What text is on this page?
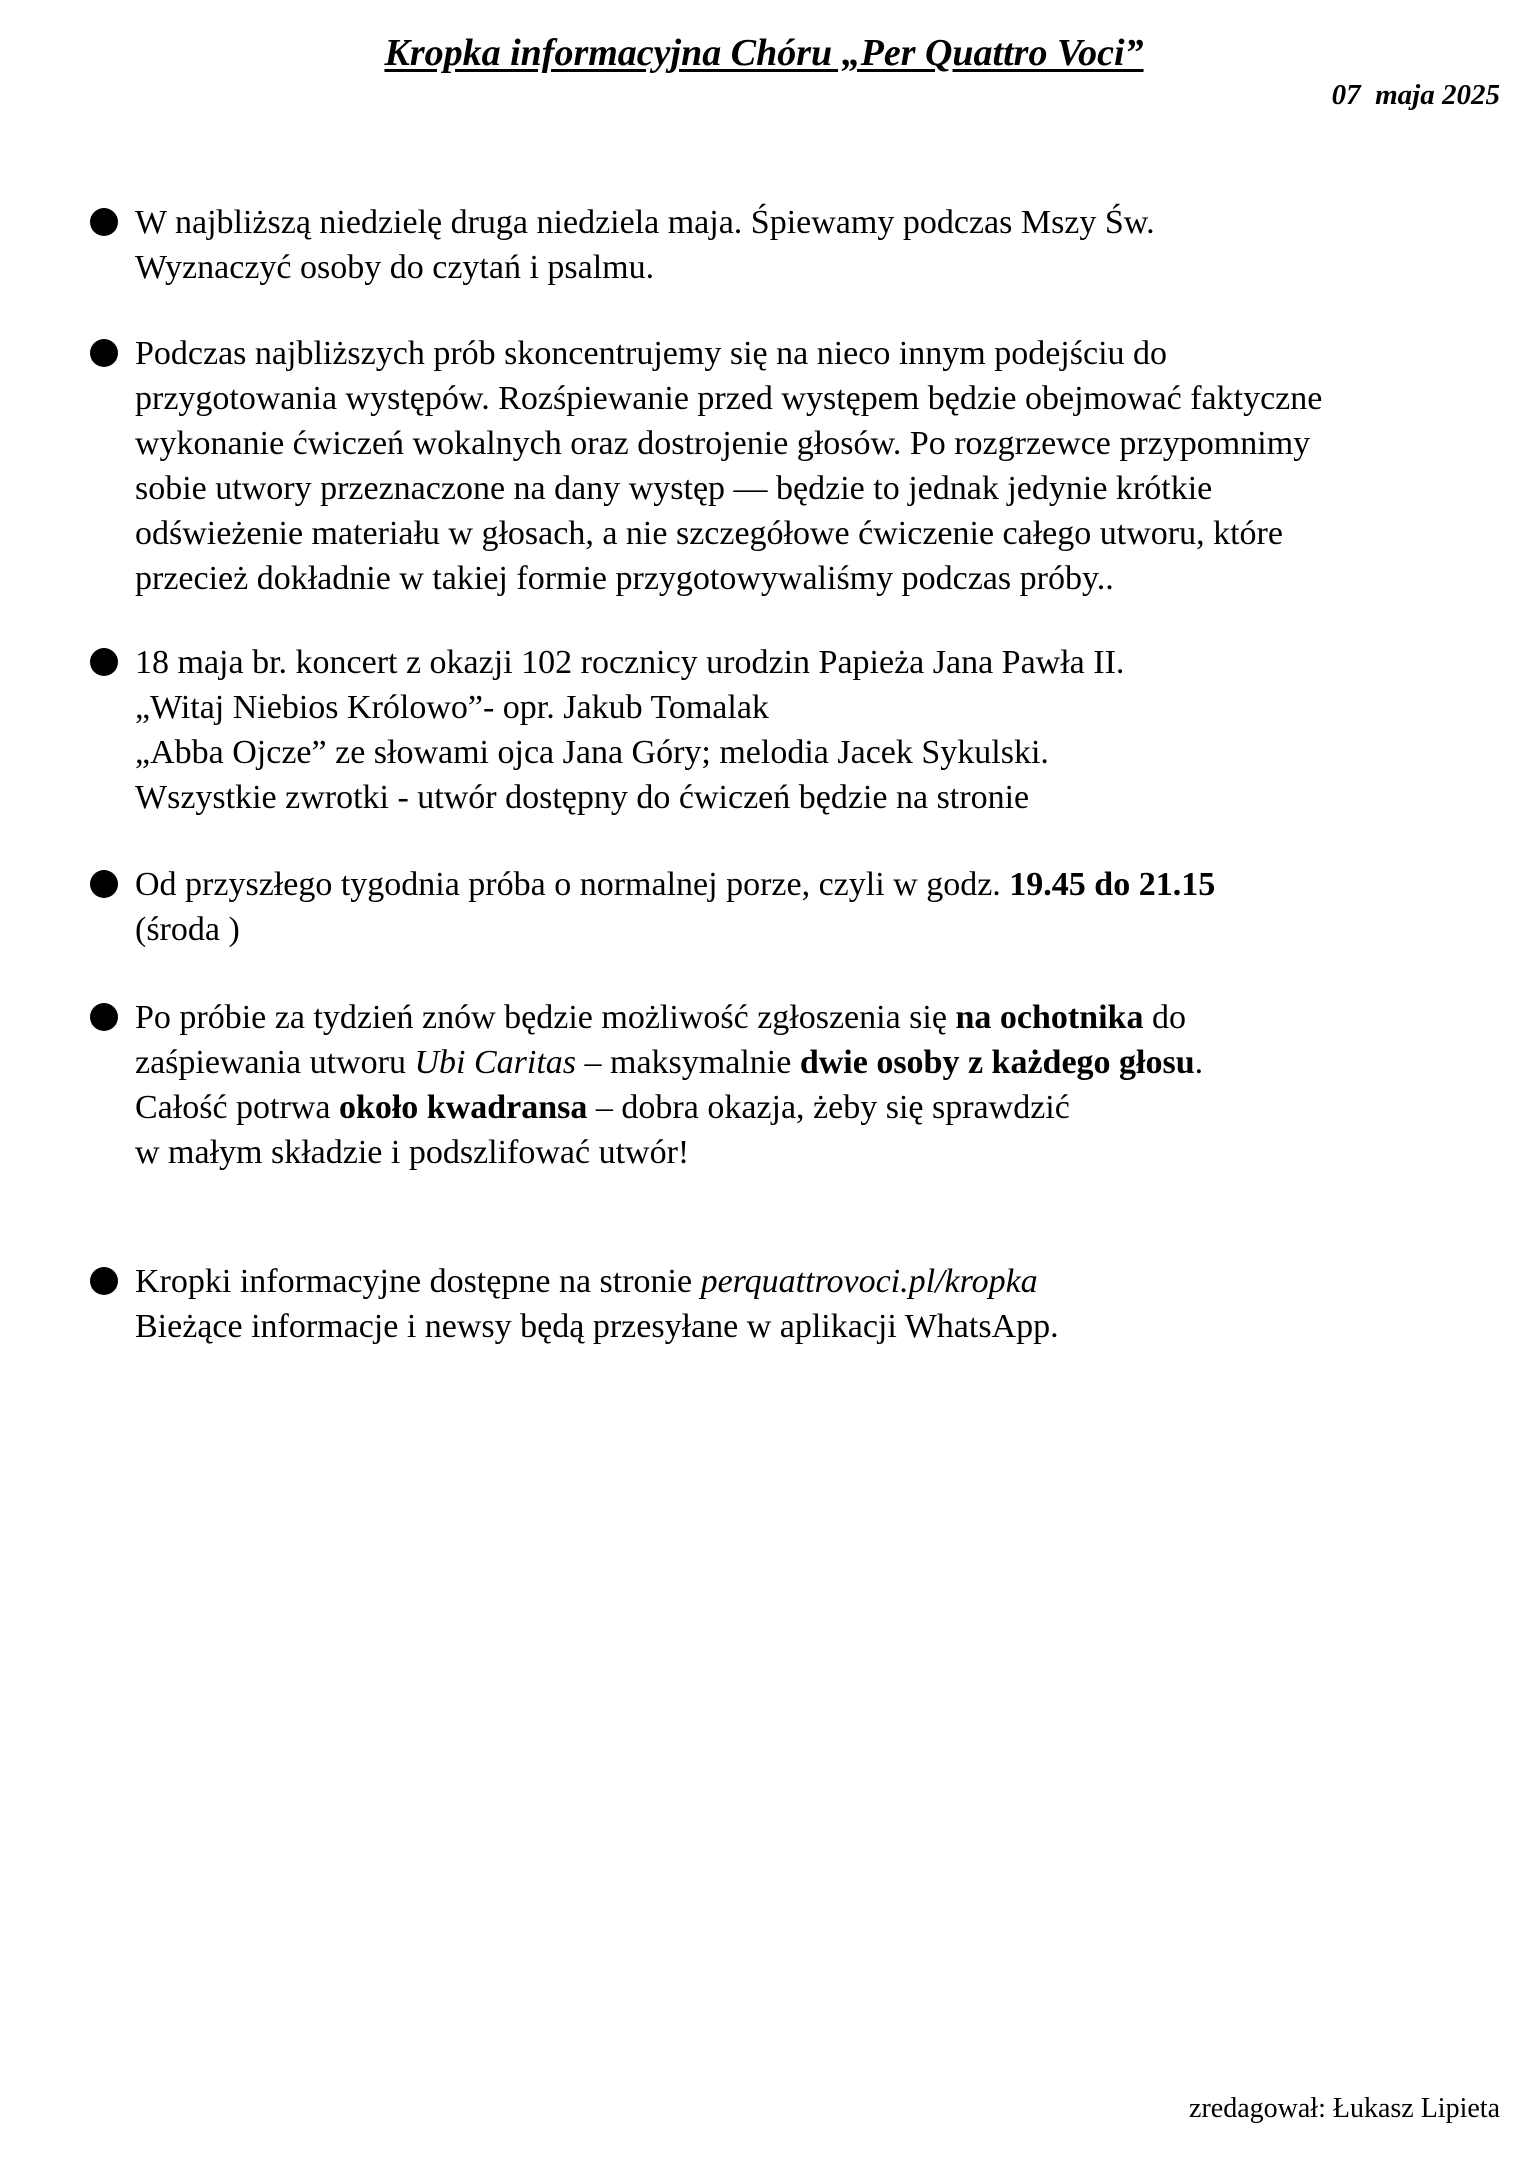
Kropka informacyjna Chóru „Per Quattro Voci”
07  maja 2025
W najbliższą niedzielę druga niedziela maja. Śpiewamy podczas Mszy Św.
Wyznaczyć osoby do czytań i psalmu.
Podczas najbliższych prób skoncentrujemy się na nieco innym podejściu do
przygotowania występów. Rozśpiewanie przed występem będzie obejmować faktyczne
wykonanie ćwiczeń wokalnych oraz dostrojenie głosów. Po rozgrzewce przypomnimy
sobie utwory przeznaczone na dany występ — będzie to jednak jedynie krótkie
odświeżenie materiału w głosach, a nie szczegółowe ćwiczenie całego utworu, które
przecież dokładnie w takiej formie przygotowywaliśmy podczas próby..
18 maja br. koncert z okazji 102 rocznicy urodzin Papieża Jana Pawła II.
„Witaj Niebios Królowo”- opr. Jakub Tomalak
„Abba Ojcze” ze słowami ojca Jana Góry; melodia Jacek Sykulski.
Wszystkie zwrotki - utwór dostępny do ćwiczeń będzie na stronie
Od przyszłego tygodnia próba o normalnej porze, czyli w godz. 19.45 do 21.15
(środa )
Po próbie za tydzień znów będzie możliwość zgłoszenia się na ochotnika do
zaśpiewania utworu Ubi Caritas – maksymalnie dwie osoby z każdego głosu.
Całość potrwa około kwadransa – dobra okazja, żeby się sprawdzić
w małym składzie i podszlifować utwór!
Kropki informacyjne dostępne na stronie perquattrovoci.pl/kropka
Bieżące informacje i newsy będą przesyłane w aplikacji WhatsApp.
zredagował: Łukasz Lipieta
